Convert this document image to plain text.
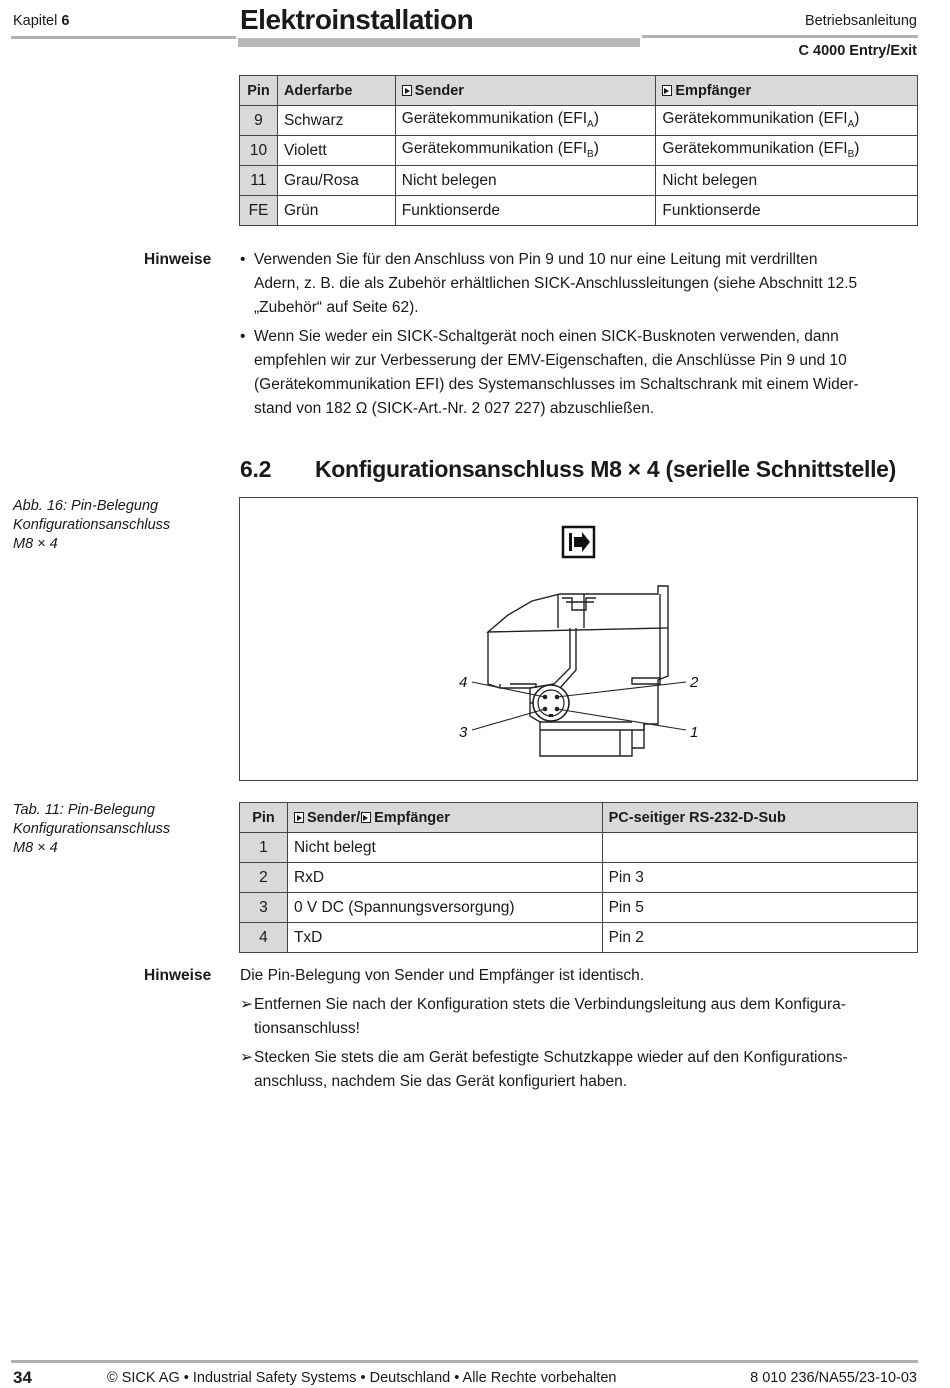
Kapitel 6	Elektroinstallation	Betriebsanleitung
C 4000 Entry/Exit
Pin	Aderfarbe	Sender	Empfänger
9	Schwarz	Gerätekommunikation $(EFI_A)$	Gerätekommunikation $(EFI_A)$
10	Violett	Gerätekommunikation $(EFI_B)$	Gerätekommunikation $(EFI_B)$
11	Grau/Rosa	Nicht belegen	Nicht belegen
FE	Grün	Funktionserde	Funktionserde
Hinweise • Verwenden Sie für den Anschluss von Pin 9 und 10 nur eine Leitung mit verdrillten
Adern, z. B. die als Zubehör erhältlichen SICK-Anschlussleitungen (siehe Abschnitt 12.5
„Zubehör“ auf Seite 62).
• Wenn Sie weder ein SICK-Schaltgerät noch einen SICK-Busknoten verwenden, dann
empfehlen wir zur Verbesserung der EMV-Eigenschaften, die Anschlüsse Pin 9 und 10
(Gerätekommunikation EFI) des Systemanschlusses im Schaltschrank mit einem Wider-
stand von 182 Ω (SICK-Art.-Nr. 2 027 227) abzuschließen.
6.2 Konfigurationsanschluss M8 × 4 (serielle Schnittstelle)
Abb. 16: Pin-Belegung
Konfigurationsanschluss
M8 × 4
4	2
3	1
Tab. 11: Pin-Belegung
Konfigurationsanschluss
M8 × 4
Pin	Sender/ Empfänger	PC-seitiger RS-232-D-Sub
1	Nicht belegt	
2	RxD	Pin 3
3	0 V DC (Spannungsversorgung)	Pin 5
4	TxD	Pin 2
Hinweise Die Pin-Belegung von Sender und Empfänger ist identisch.
➢ Entfernen Sie nach der Konfiguration stets die Verbindungsleitung aus dem Konfigura-
tionsanschluss!
➢ Stecken Sie stets die am Gerät befestigte Schutzkappe wieder auf den Konfigurations-
anschluss, nachdem Sie das Gerät konfiguriert haben.
34	© SICK AG • Industrial Safety Systems • Deutschland • Alle Rechte vorbehalten	8 010 236/NA55/23-10-03
